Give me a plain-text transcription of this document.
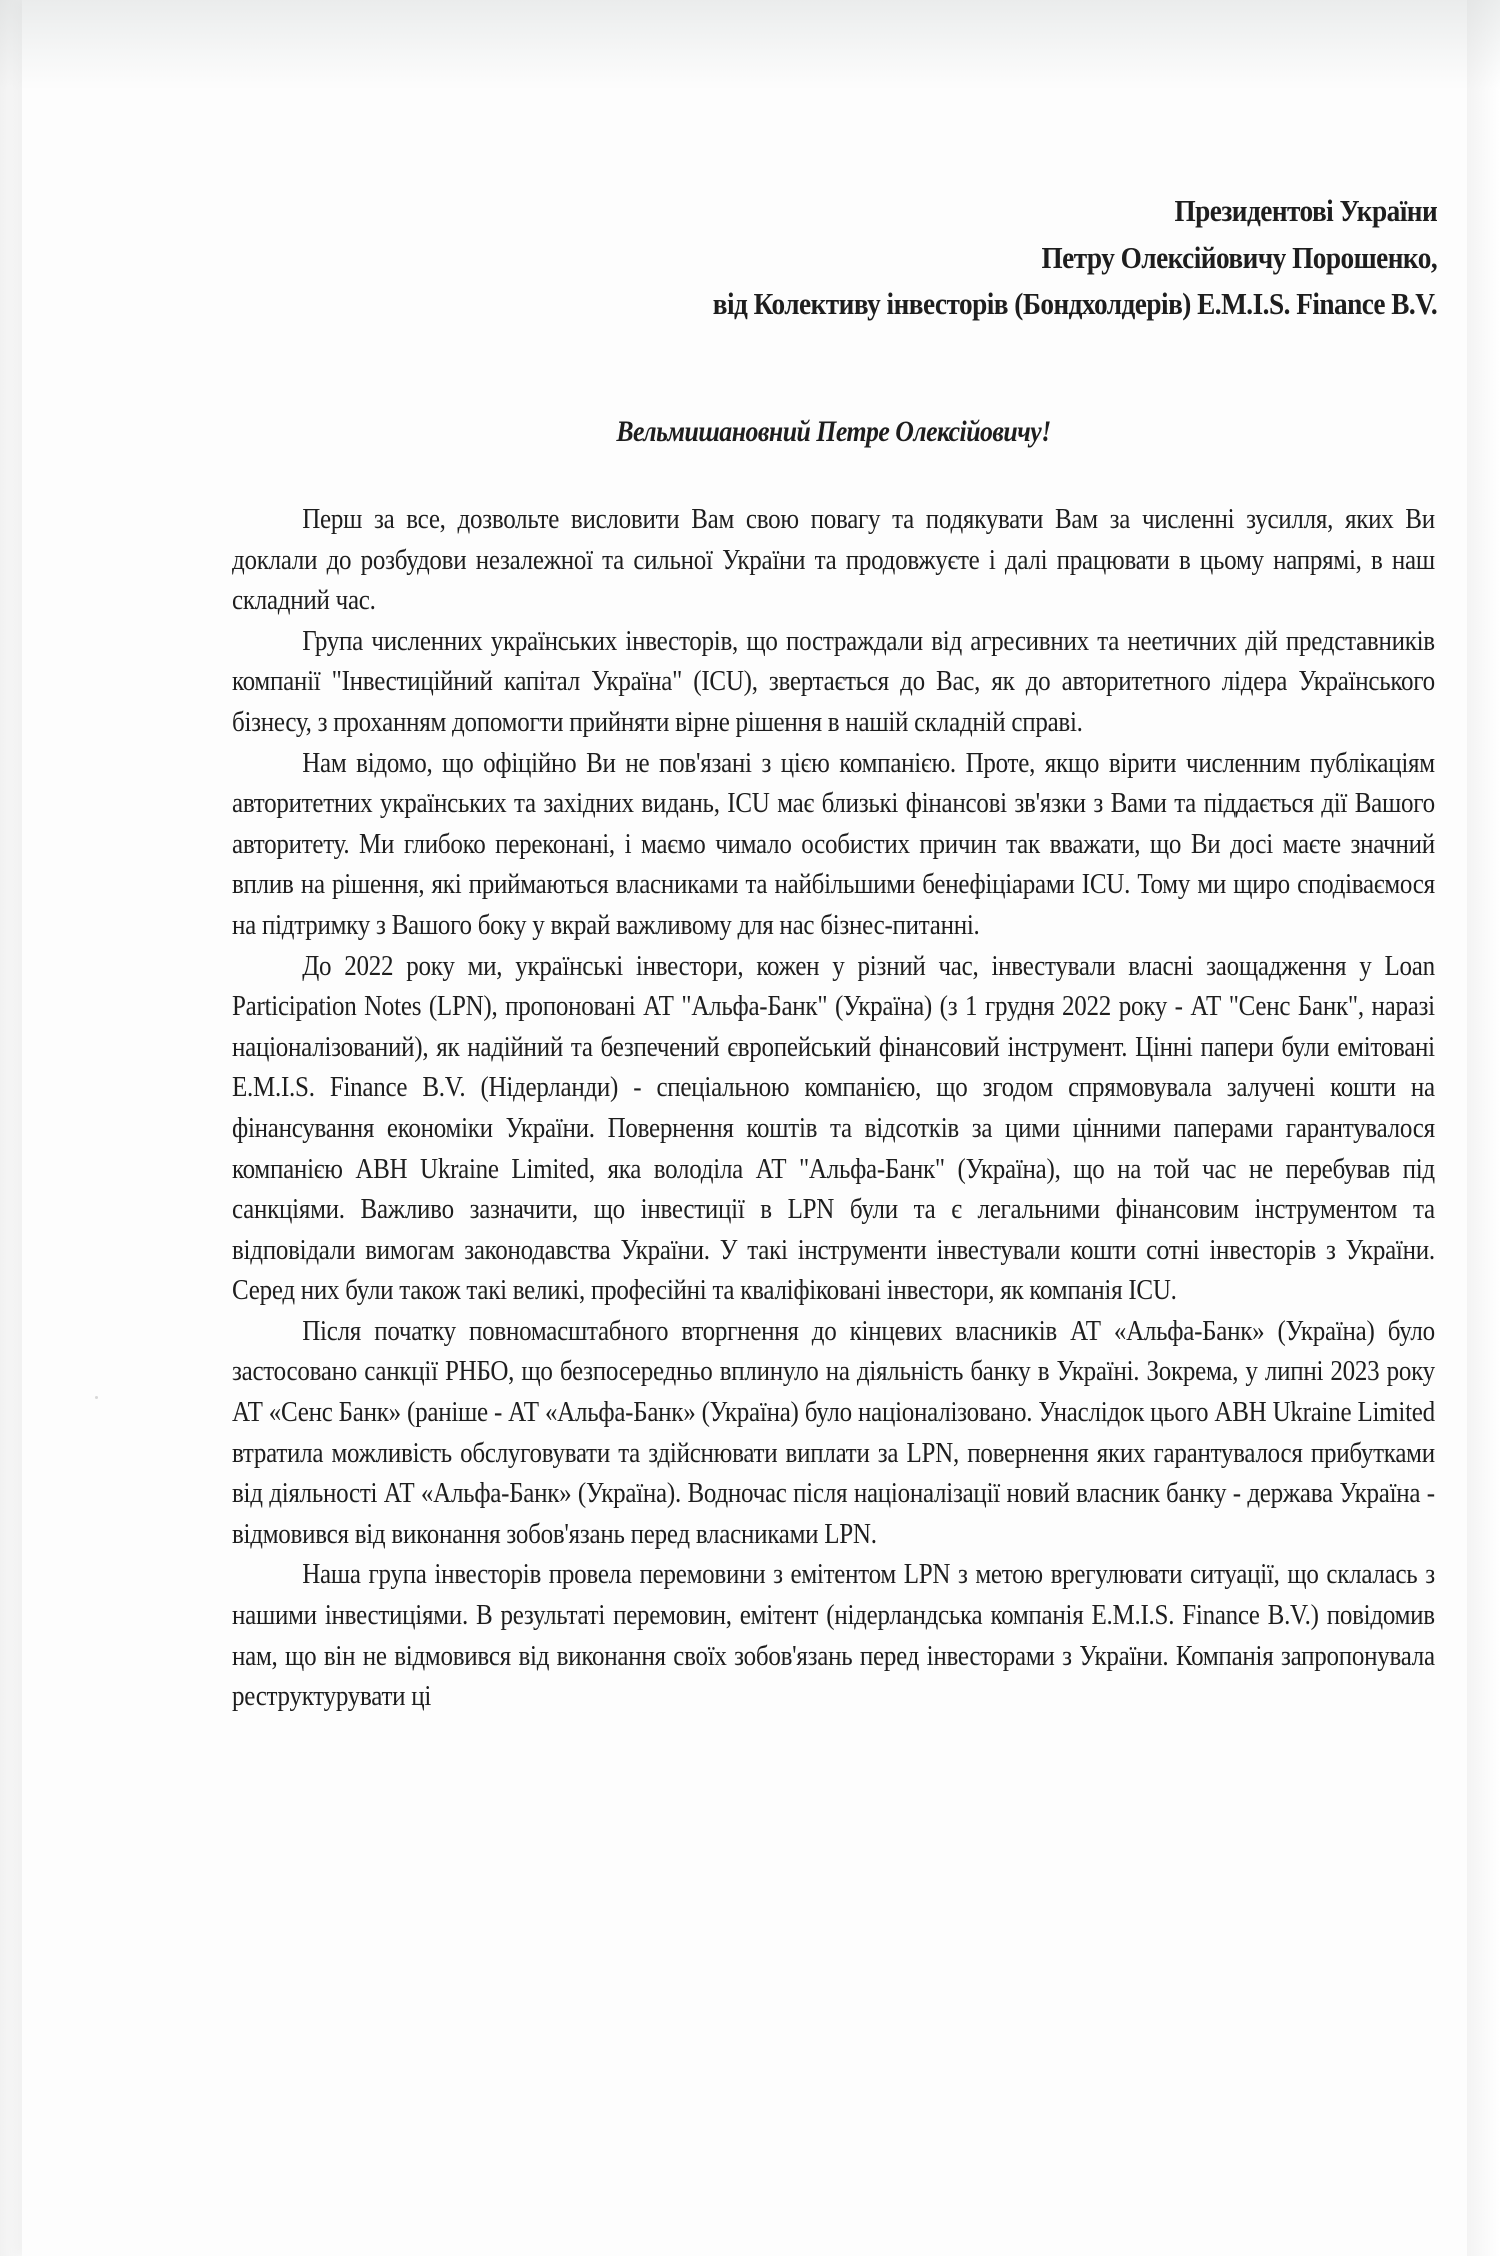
Президентові України
Петру Олексійовичу Порошенко,
від Колективу інвесторів (Бондхолдерів) E.M.I.S. Finance B.V.
Вельмишановний Петре Олексійовичу!

Перш за все, дозвольте висловити Вам свою повагу та подякувати Вам за численні зусилля, яких Ви доклали до розбудови незалежної та сильної України та продовжуєте і далі працювати в цьому напрямі, в наш складний час.

Група численних українських інвесторів, що постраждали від агресивних та неетичних дій представників компанії "Інвестиційний капітал Україна" (ICU), звертається до Вас, як до авторитетного лідера Українського бізнесу, з проханням допомогти прийняти вірне рішення в нашій складній справі.

Нам відомо, що офіційно Ви не пов'язані з цією компанією. Проте, якщо вірити численним публікаціям авторитетних українських та західних видань, ICU має близькі фінансові зв'язки з Вами та піддається дії Вашого авторитету. Ми глибоко переконані, і маємо чимало особистих причин так вважати, що Ви досі маєте значний вплив на рішення, які приймаються власниками та найбільшими бенефіціарами ICU. Тому ми щиро сподіваємося на підтримку з Вашого боку у вкрай важливому для нас бізнес-питанні.

До 2022 року ми, українські інвестори, кожен у різний час, інвестували власні заощадження у Loan Participation Notes (LPN), пропоновані АТ "Альфа-Банк" (Україна) (з 1 грудня 2022 року - АТ "Сенс Банк", наразі націоналізований), як надійний та безпечений європейський фінансовий інструмент. Цінні папери були емітовані E.M.I.S. Finance B.V. (Нідерланди) - спеціальною компанією, що згодом спрямовувала залучені кошти на фінансування економіки України. Повернення коштів та відсотків за цими цінними паперами гарантувалося компанією ABH Ukraine Limited, яка володіла АТ "Альфа-Банк" (Україна), що на той час не перебував під санкціями. Важливо зазначити, що інвестиції в LPN були та є легальними фінансовим інструментом та відповідали вимогам законодавства України. У такі інструменти інвестували кошти сотні інвесторів з України. Серед них були також такі великі, професійні та кваліфіковані інвестори, як компанія ICU.

Після початку повномасштабного вторгнення до кінцевих власників АТ «Альфа-Банк» (Україна) було застосовано санкції РНБО, що безпосередньо вплинуло на діяльність банку в Україні. Зокрема, у липні 2023 року АТ «Сенс Банк» (раніше - АТ «Альфа-Банк» (Україна) було націоналізовано. Унаслідок цього ABH Ukraine Limited втратила можливість обслуговувати та здійснювати виплати за LPN, повернення яких гарантувалося прибутками від діяльності АТ «Альфа-Банк» (Україна). Водночас після націоналізації новий власник банку - держава Україна - відмовився від виконання зобов'язань перед власниками LPN.

Наша група інвесторів провела перемовини з емітентом LPN з метою врегулювати ситуації, що склалась з нашими інвестиціями. В результаті перемовин, емітент (нідерландська компанія E.M.I.S. Finance B.V.) повідомив нам, що він не відмовився від виконання своїх зобов'язань перед інвесторами з України. Компанія запропонувала реструктурувати ці
